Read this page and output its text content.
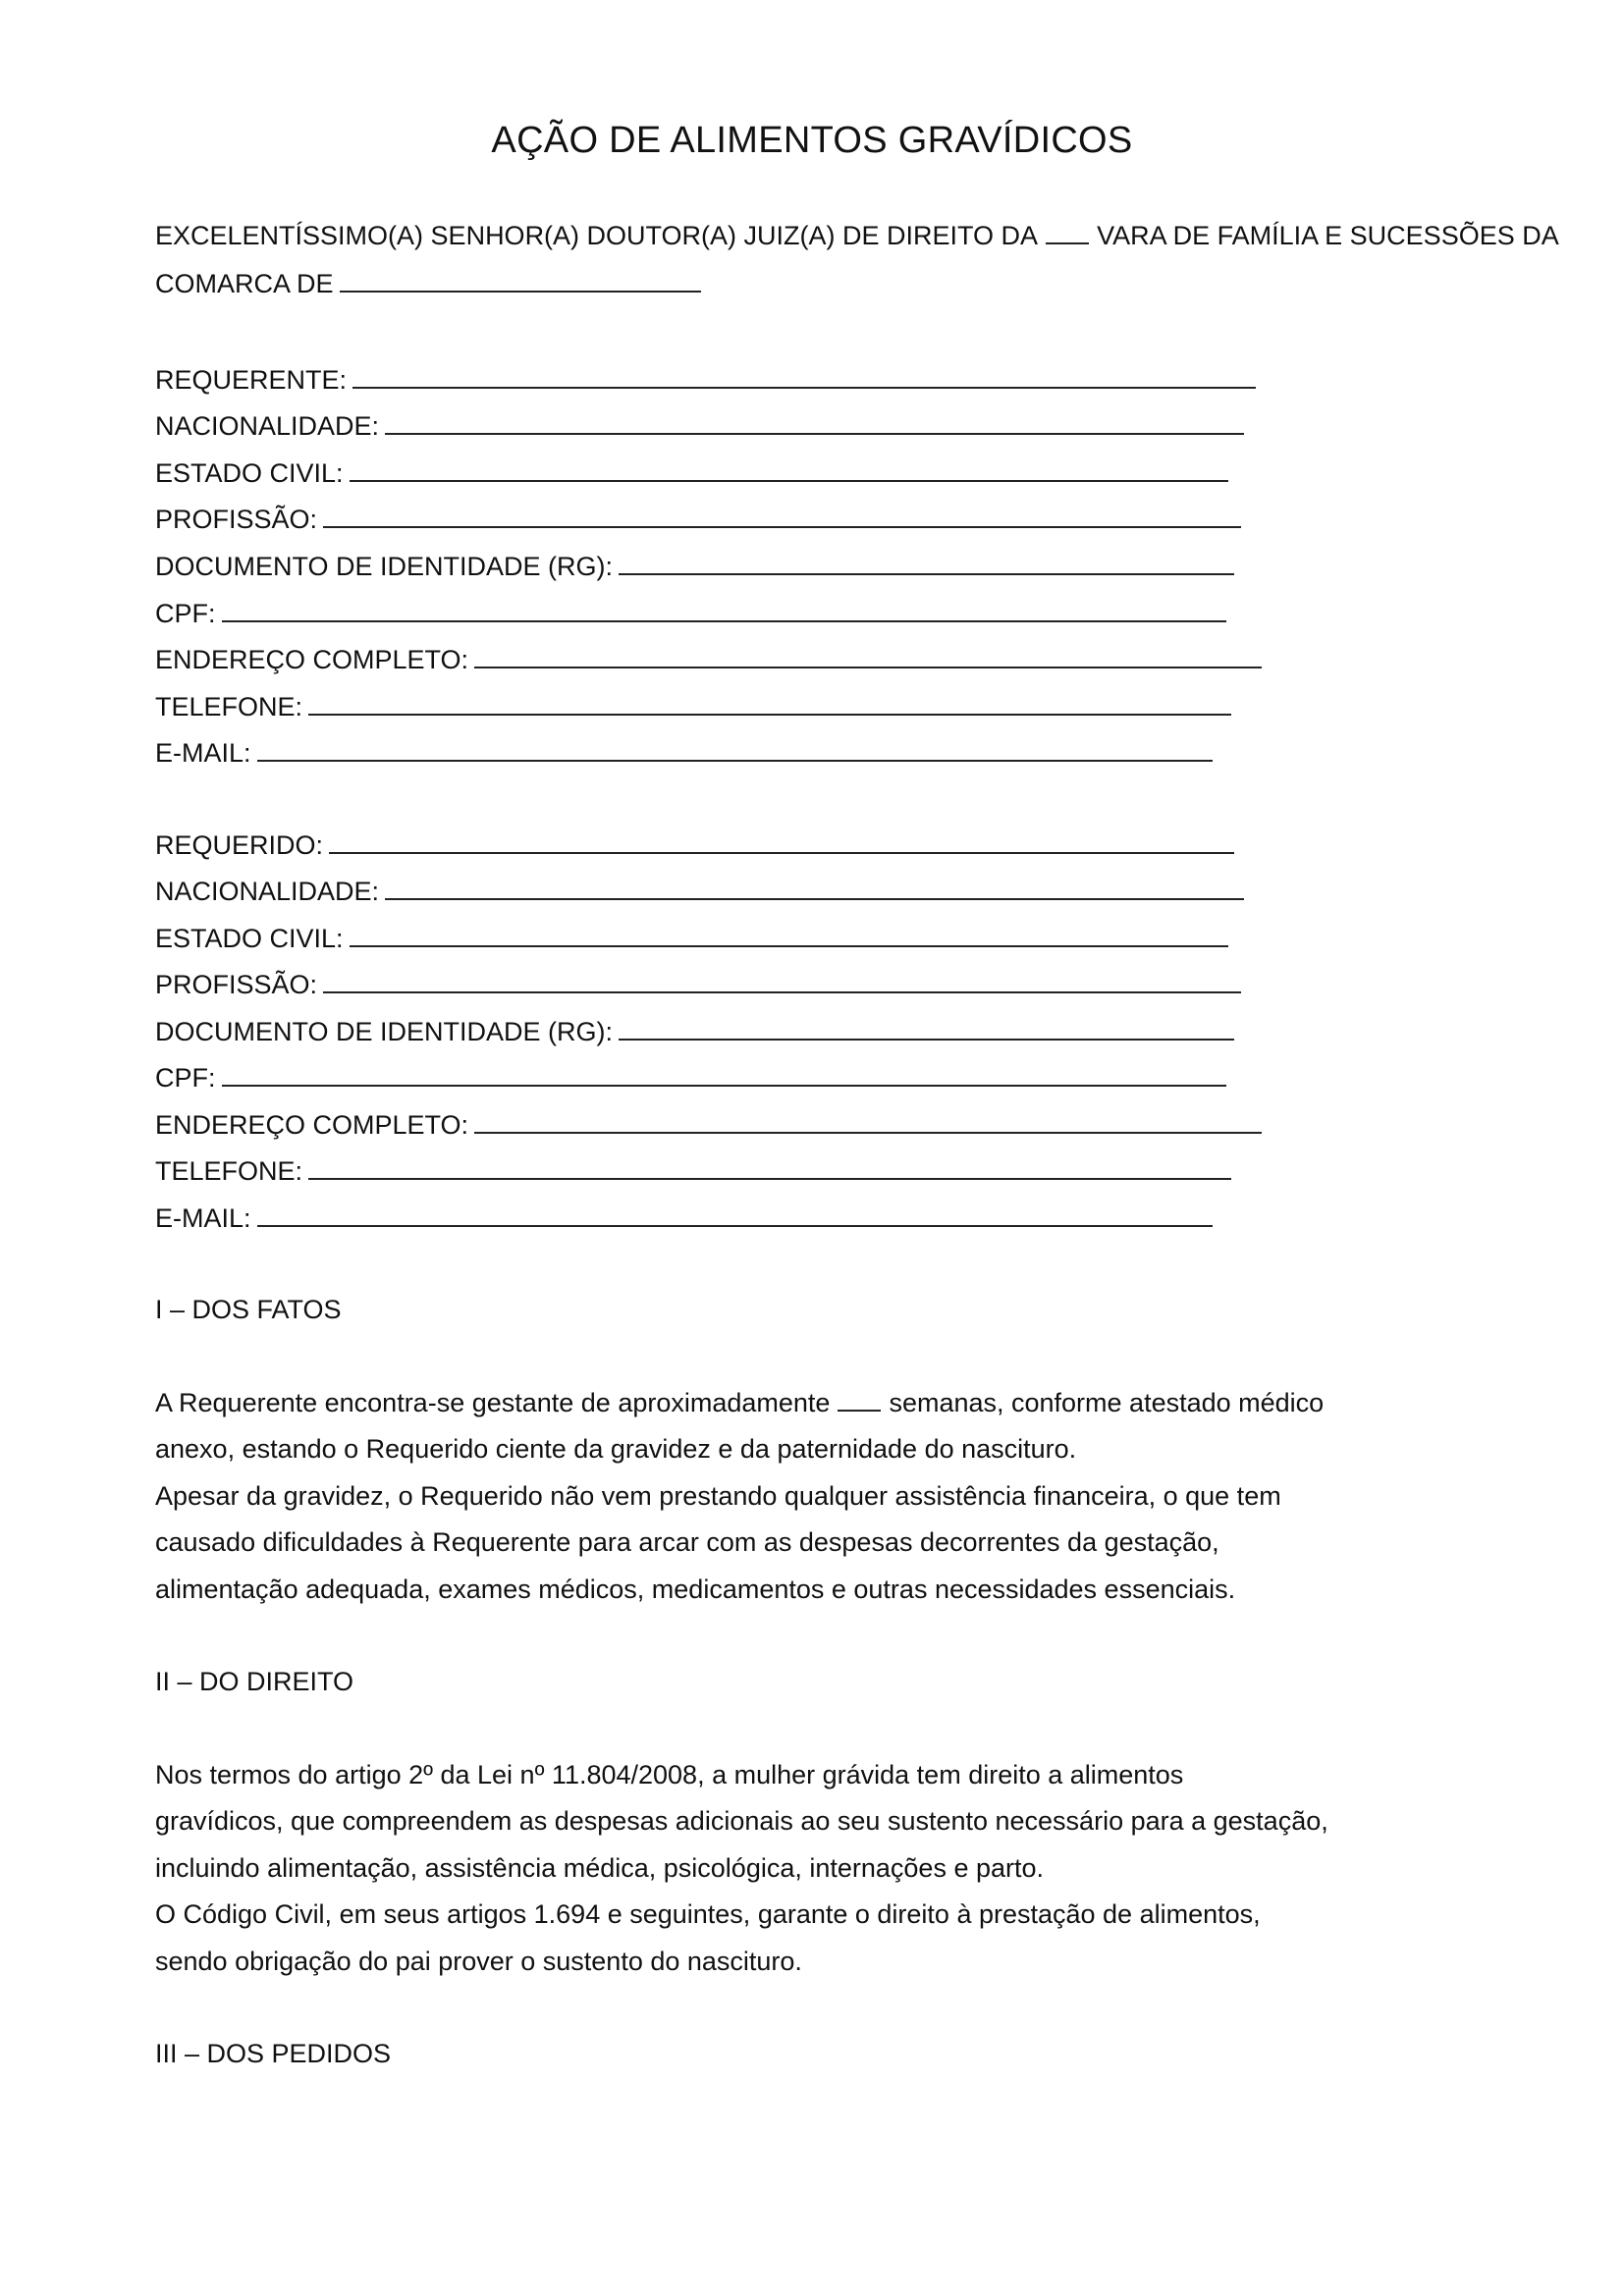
AÇÃO DE ALIMENTOS GRAVÍDICOS
EXCELENTÍSSIMO(A) SENHOR(A) DOUTOR(A) JUIZ(A) DE DIREITO DA VARA DE FAMÍLIA E SUCESSÕES DA
COMARCA DE
REQUERENTE:
NACIONALIDADE:
ESTADO CIVIL:
PROFISSÃO:
DOCUMENTO DE IDENTIDADE (RG):
CPF:
ENDEREÇO COMPLETO:
TELEFONE:
E-MAIL:
REQUERIDO:
NACIONALIDADE:
ESTADO CIVIL:
PROFISSÃO:
DOCUMENTO DE IDENTIDADE (RG):
CPF:
ENDEREÇO COMPLETO:
TELEFONE:
E-MAIL:
I – DOS FATOS
A Requerente encontra-se gestante de aproximadamente semanas, conforme atestado médico
anexo, estando o Requerido ciente da gravidez e da paternidade do nascituro.
Apesar da gravidez, o Requerido não vem prestando qualquer assistência financeira, o que tem
causado dificuldades à Requerente para arcar com as despesas decorrentes da gestação,
alimentação adequada, exames médicos, medicamentos e outras necessidades essenciais.
II – DO DIREITO
Nos termos do artigo 2º da Lei nº 11.804/2008, a mulher grávida tem direito a alimentos
gravídicos, que compreendem as despesas adicionais ao seu sustento necessário para a gestação,
incluindo alimentação, assistência médica, psicológica, internações e parto.
O Código Civil, em seus artigos 1.694 e seguintes, garante o direito à prestação de alimentos,
sendo obrigação do pai prover o sustento do nascituro.
III – DOS PEDIDOS
